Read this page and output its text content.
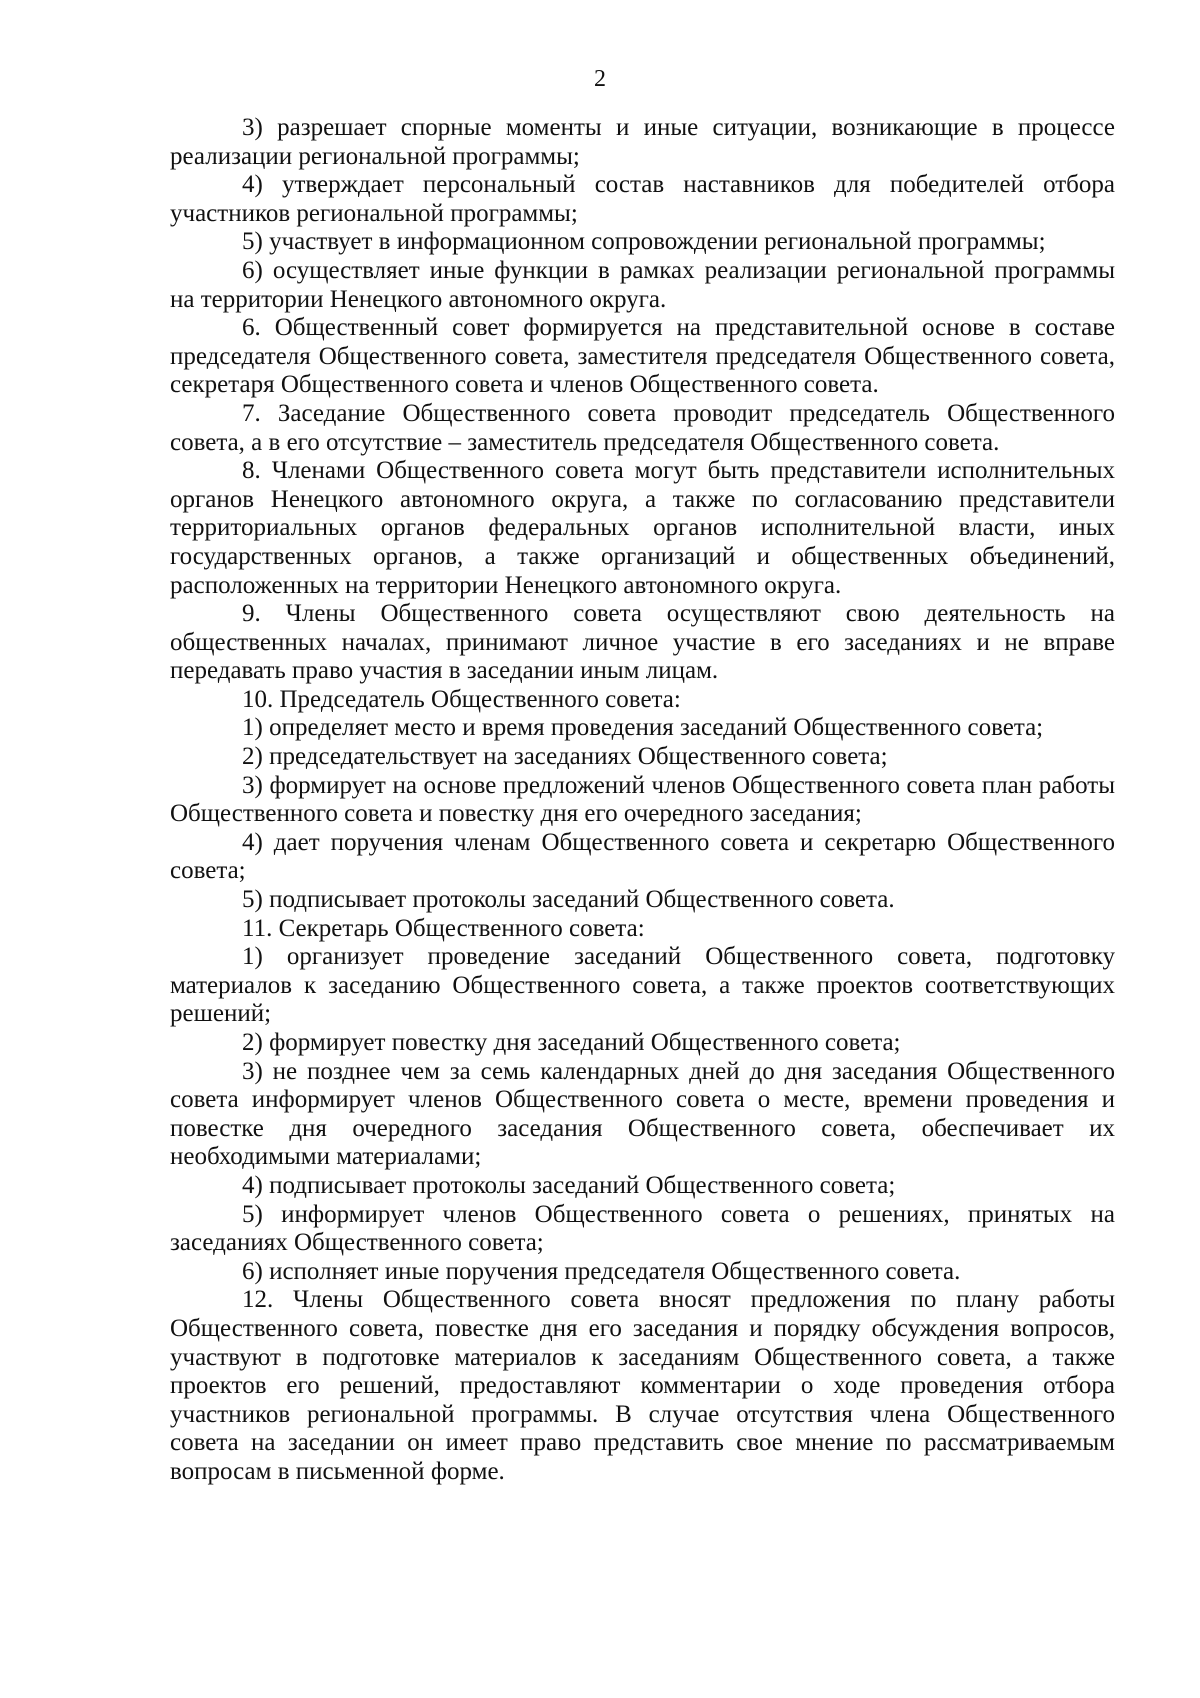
2

3) разрешает спорные моменты и иные ситуации, возникающие в процессе реализации региональной программы;

4) утверждает персональный состав наставников для победителей отбора участников региональной программы;

5) участвует в информационном сопровождении региональной программы;

6) осуществляет иные функции в рамках реализации региональной программы на территории Ненецкого автономного округа.

6. Общественный совет формируется на представительной основе в составе председателя Общественного совета, заместителя председателя Общественного совета, секретаря Общественного совета и членов Общественного совета.

7. Заседание Общественного совета проводит председатель Общественного совета, а в его отсутствие – заместитель председателя Общественного совета.

8. Членами Общественного совета могут быть представители исполнительных органов Ненецкого автономного округа, а также по согласованию представители территориальных органов федеральных органов исполнительной власти, иных государственных органов, а также организаций и общественных объединений, расположенных на территории Ненецкого автономного округа.

9. Члены Общественного совета осуществляют свою деятельность на общественных началах, принимают личное участие в его заседаниях и не вправе передавать право участия в заседании иным лицам.

10. Председатель Общественного совета:

1) определяет место и время проведения заседаний Общественного совета;

2) председательствует на заседаниях Общественного совета;

3) формирует на основе предложений членов Общественного совета план работы Общественного совета и повестку дня его очередного заседания;

4) дает поручения членам Общественного совета и секретарю Общественного совета;

5) подписывает протоколы заседаний Общественного совета.

11. Секретарь Общественного совета:

1) организует проведение заседаний Общественного совета, подготовку материалов к заседанию Общественного совета, а также проектов соответствующих решений;

2) формирует повестку дня заседаний Общественного совета;

3) не позднее чем за семь календарных дней до дня заседания Общественного совета информирует членов Общественного совета о месте, времени проведения и повестке дня очередного заседания Общественного совета, обеспечивает их необходимыми материалами;

4) подписывает протоколы заседаний Общественного совета;

5) информирует членов Общественного совета о решениях, принятых на заседаниях Общественного совета;

6) исполняет иные поручения председателя Общественного совета.

12. Члены Общественного совета вносят предложения по плану работы Общественного совета, повестке дня его заседания и порядку обсуждения вопросов, участвуют в подготовке материалов к заседаниям Общественного совета, а также проектов его решений, предоставляют комментарии о ходе проведения отбора участников региональной программы. В случае отсутствия члена Общественного совета на заседании он имеет право представить свое мнение по рассматриваемым вопросам в письменной форме.
